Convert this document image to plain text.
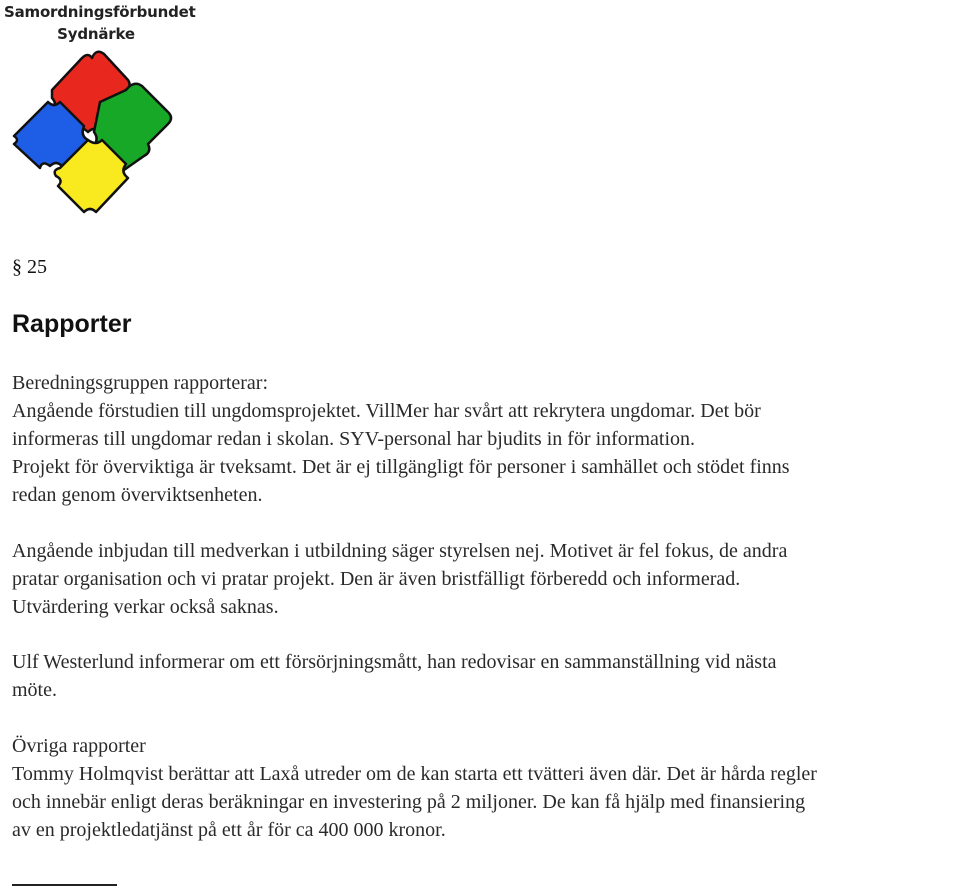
Samordningsförbundet
Sydnärke
§ 25
Rapporter
Beredningsgruppen rapporterar:
Angående förstudien till ungdomsprojektet. VillMer har svårt att rekrytera ungdomar. Det bör
informeras till ungdomar redan i skolan. SYV-personal har bjudits in för information.
Projekt för överviktiga är tveksamt. Det är ej tillgängligt för personer i samhället och stödet finns
redan genom överviktsenheten.
Angående inbjudan till medverkan i utbildning säger styrelsen nej. Motivet är fel fokus, de andra
pratar organisation och vi pratar projekt. Den är även bristfälligt förberedd och informerad.
Utvärdering verkar också saknas.
Ulf Westerlund informerar om ett försörjningsmått, han redovisar en sammanställning vid nästa
möte.
Övriga rapporter
Tommy Holmqvist berättar att Laxå utreder om de kan starta ett tvätteri även där. Det är hårda regler
och innebär enligt deras beräkningar en investering på 2 miljoner. De kan få hjälp med finansiering
av en projektledatjänst på ett år för ca 400 000 kronor.
